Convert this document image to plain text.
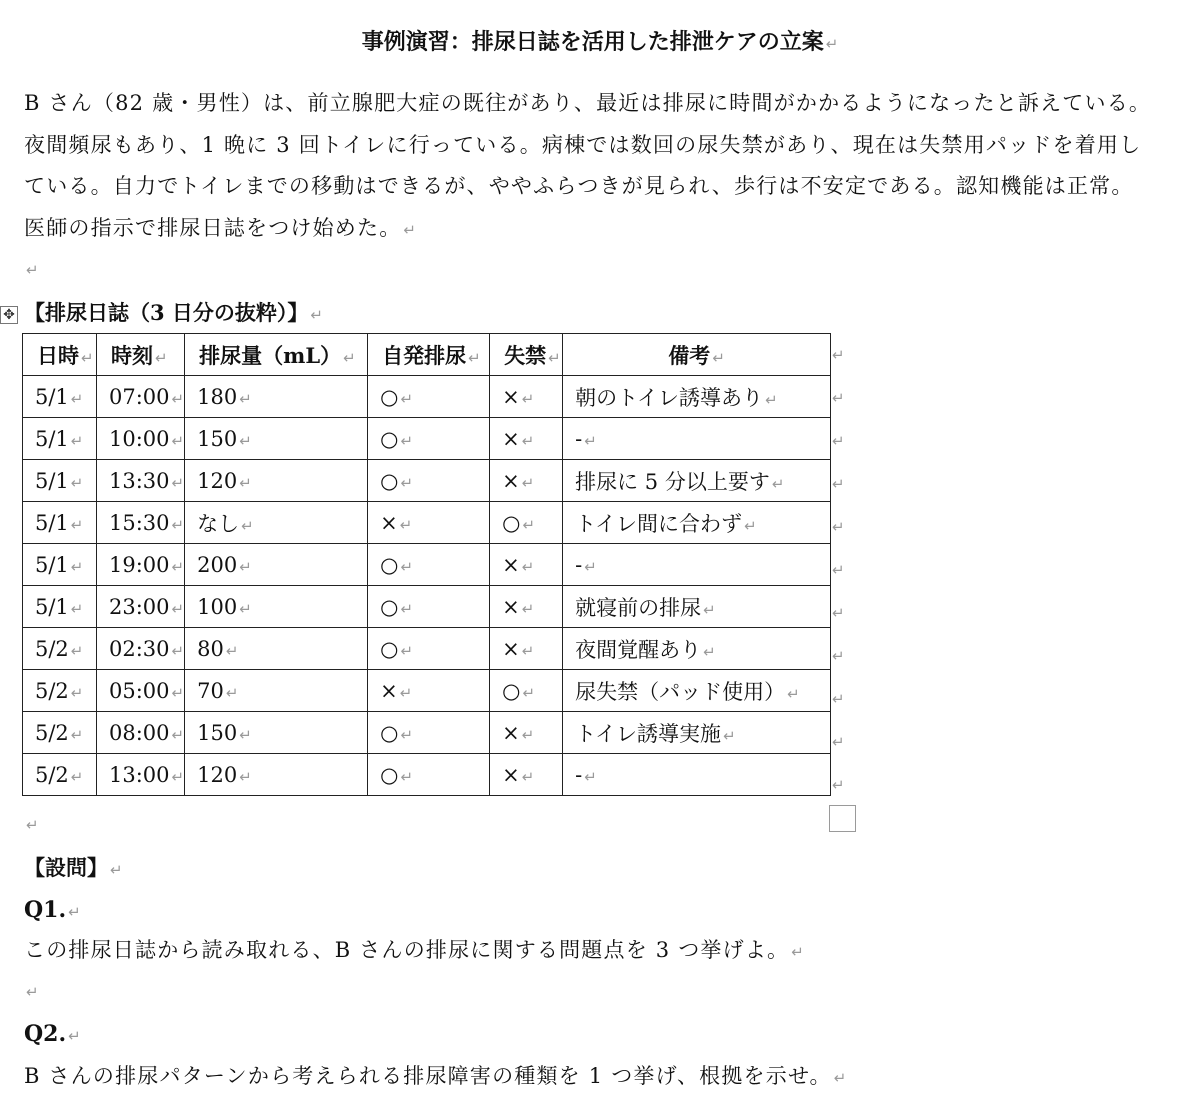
事例演習：排尿日誌を活用した排泄ケアの立案 ↵

B さん（82 歳・男性）は、前立腺肥大症の既往があり、最近は排尿に時間がかかるようになったと訴えている。夜間頻尿もあり、1 晩に 3 回トイレに行っている。病棟では数回の尿失禁があり、現在は失禁用パッドを着用している。自力でトイレまでの移動はできるが、ややふらつきが見られ、歩行は不安定である。認知機能は正常。医師の指示で排尿日誌をつけ始めた。 ↵

↵
✥ 【排尿日誌（3 日分の抜粋）】 ↵
日時 ↵	時刻 ↵	排尿量（mL） ↵	自発排尿 ↵	失禁 ↵	備考 ↵
5/1 ↵	07:00 ↵	180 ↵	○ ↵	× ↵	朝のトイレ誘導あり ↵
5/1 ↵	10:00 ↵	150 ↵	○ ↵	× ↵	- ↵
5/1 ↵	13:30 ↵	120 ↵	○ ↵	× ↵	排尿に 5 分以上要す ↵
5/1 ↵	15:30 ↵	なし ↵	× ↵	○ ↵	トイレ間に合わず ↵
5/1 ↵	19:00 ↵	200 ↵	○ ↵	× ↵	- ↵
5/1 ↵	23:00 ↵	100 ↵	○ ↵	× ↵	就寝前の排尿 ↵
5/2 ↵	02:30 ↵	80 ↵	○ ↵	× ↵	夜間覚醒あり ↵
5/2 ↵	05:00 ↵	70 ↵	× ↵	○ ↵	尿失禁（パッド使用） ↵
5/2 ↵	08:00 ↵	150 ↵	○ ↵	× ↵	トイレ誘導実施 ↵
5/2 ↵	13:00 ↵	120 ↵	○ ↵	× ↵	- ↵
↵
↵
↵
↵
↵
↵
↵
↵
↵
↵
↵
↵
【設問】 ↵
Q1. ↵
この排尿日誌から読み取れる、B さんの排尿に関する問題点を 3 つ挙げよ。 ↵
↵
Q2. ↵
B さんの排尿パターンから考えられる排尿障害の種類を 1 つ挙げ、根拠を示せ。 ↵
